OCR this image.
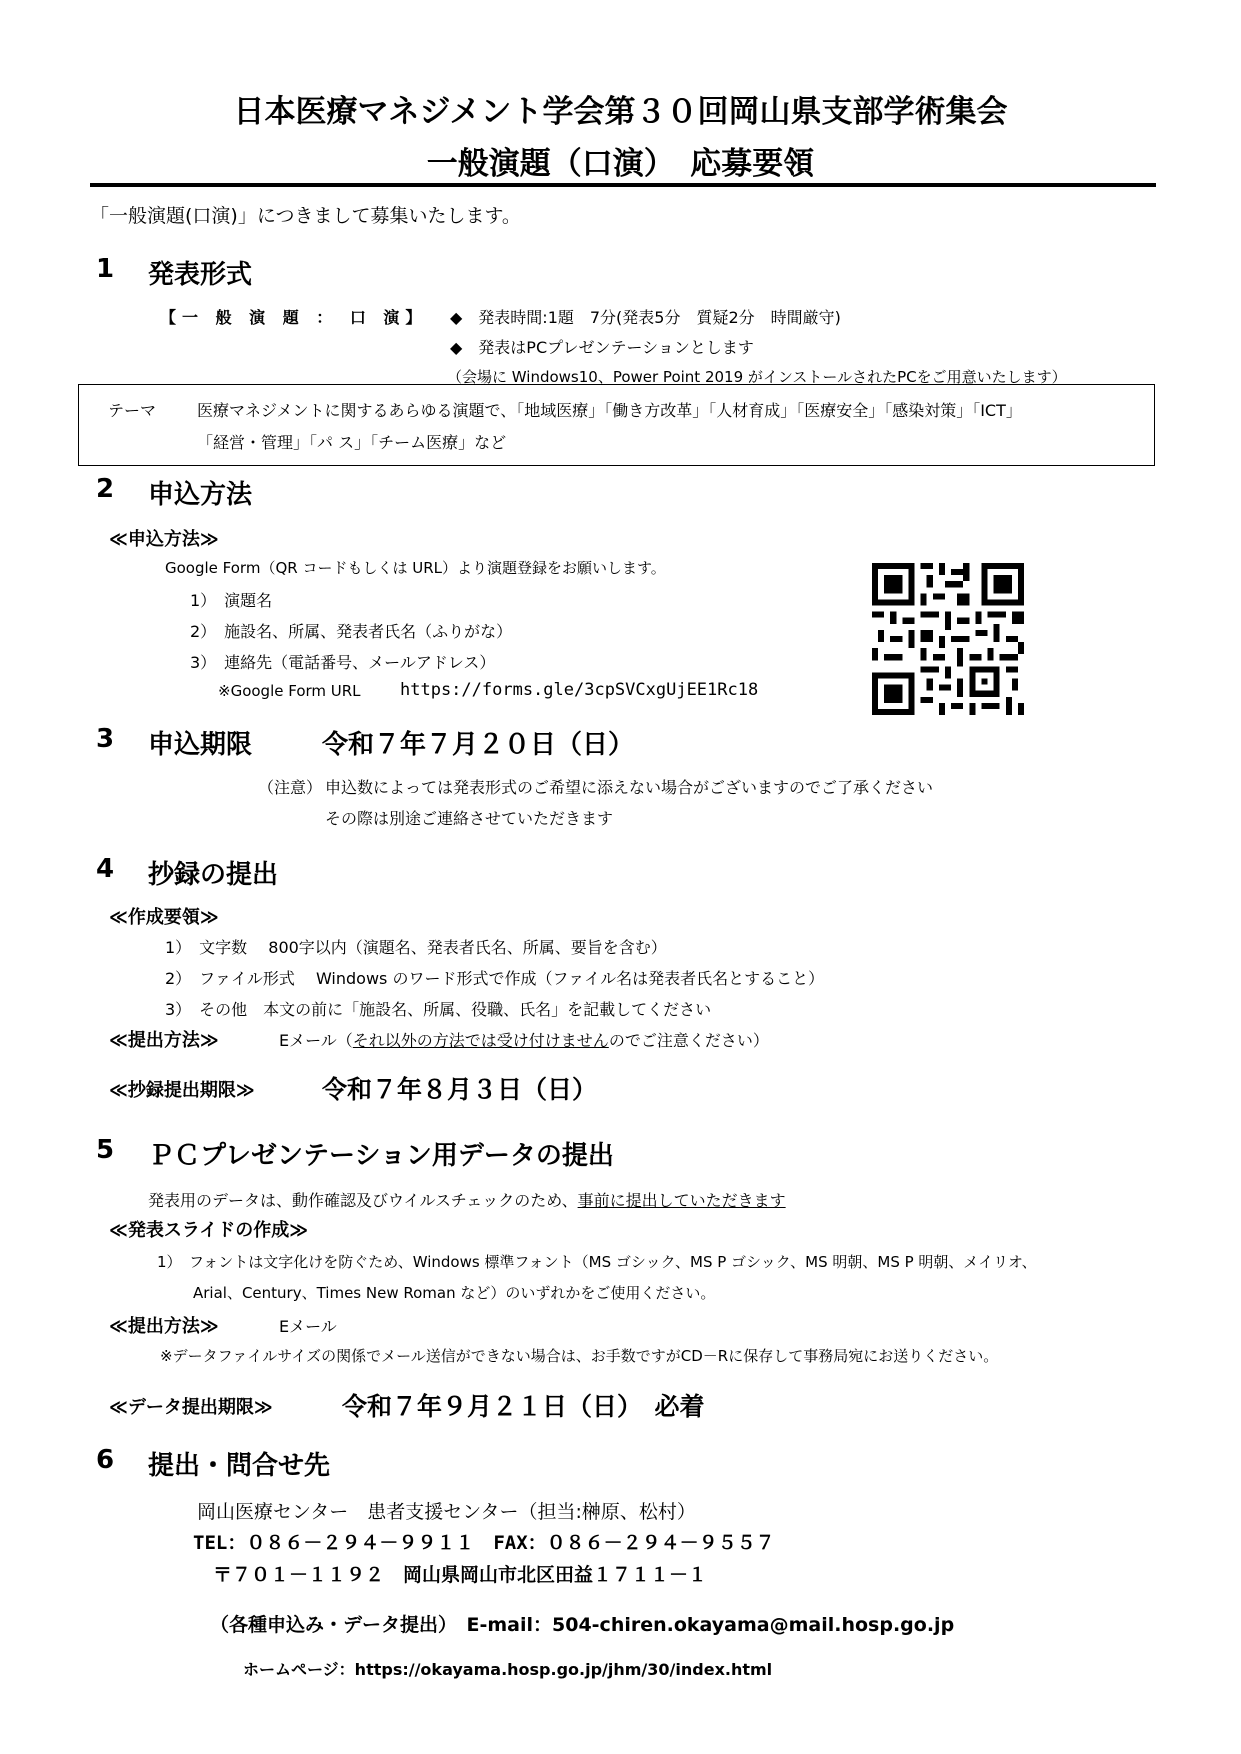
日本医療マネジメント学会第３０回岡山県支部学術集会
一般演題（口演）　応募要領
「一般演題(口演)」につきまして募集いたします。
1 発表形式
【一 般 演 題 ： 口 演】 ◆　発表時間:1題　7分(発表5分　質疑2分　時間厳守)
◆　発表はPCプレゼンテーションとします
（会場に Windows10、Power Point 2019 がインストールされたPCをご用意いたします）
テーマ	医療マネジメントに関するあらゆる演題で、「地域医療」「働き方改革」「人材育成」「医療安全」「感染対策」「ICT」
「経営・管理」「パ ス」「チーム医療」など
2 申込方法
≪申込方法≫
Google Form（QR コードもしくは URL）より演題登録をお願いします。
1）　演題名
2）　施設名、所属、発表者氏名（ふりがな）
3）　連絡先（電話番号、メールアドレス）
※Google Form URL https://forms.gle/3cpSVCxgUjEE1Rc18
3 申込期限	令和７年７月２０日（日）
（注意） 申込数によっては発表形式のご希望に添えない場合がございますのでご了承ください
その際は別途ご連絡させていただきます
4 抄録の提出
≪作成要領≫
1）　文字数　 800字以内（演題名、発表者氏名、所属、要旨を含む）
2）　ファイル形式　 Windows のワード形式で作成（ファイル名は発表者氏名とすること）
3）　その他　本文の前に「施設名、所属、役職、氏名」を記載してください
≪提出方法≫	Eメール（それ以外の方法では受け付けませんのでご注意ください）
≪抄録提出期限≫	令和７年８月３日（日）
5 ＰＣプレゼンテーション用データの提出
発表用のデータは、動作確認及びウイルスチェックのため、事前に提出していただきます
≪発表スライドの作成≫
1）　フォントは文字化けを防ぐため、Windows 標準フォント（MS ゴシック、MS P ゴシック、MS 明朝、MS P 明朝、メイリオ、
Arial、Century、Times New Roman など）のいずれかをご使用ください。
≪提出方法≫	Eメール
※データファイルサイズの関係でメール送信ができない場合は、お手数ですがCD－Rに保存して事務局宛にお送りください。
≪データ提出期限≫	令和７年９月２１日（日）　必着
6 提出・問合せ先
岡山医療センター　患者支援センター（担当:榊原、松村）
TEL：０８６－２９４－９９１１　FAX：０８６－２９４－９５５７
〒７０１－１１９２　岡山県岡山市北区田益１７１１－１
（各種申込み・データ提出）　E-mail：504-chiren.okayama@mail.hosp.go.jp
ホームページ：https://okayama.hosp.go.jp/jhm/30/index.html
